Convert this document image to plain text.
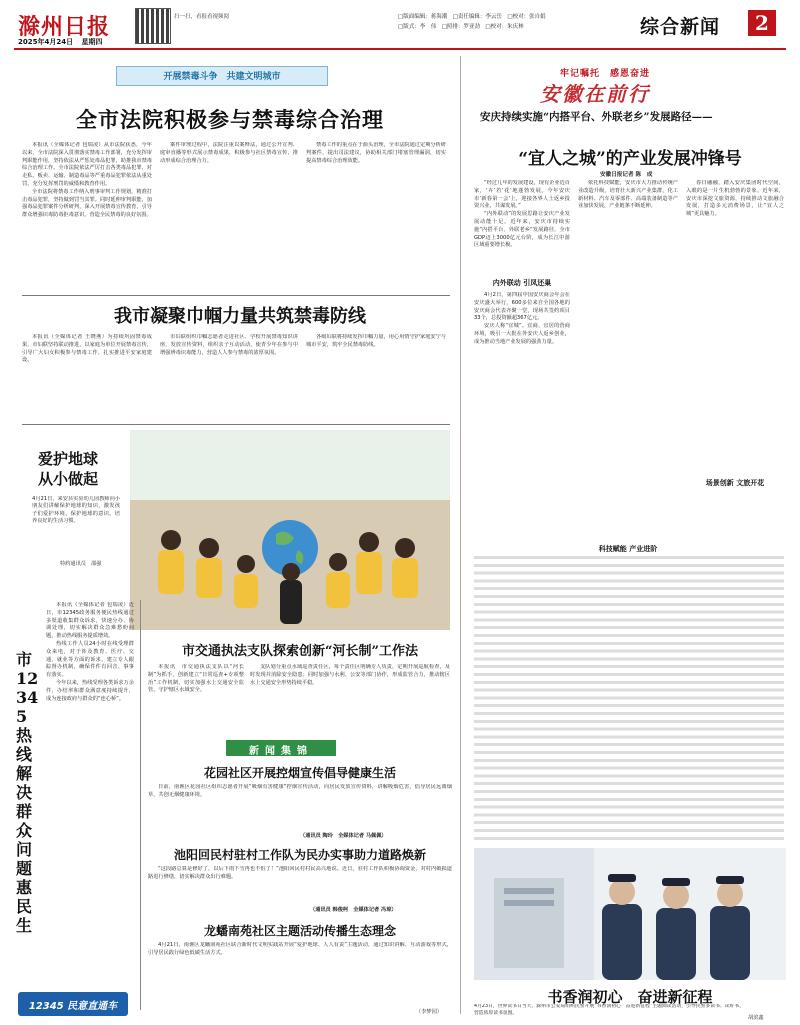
滁州日报
2025年4月24日 星期四
扫一扫，看报看视频阅	□版面编辑：蒋海潮　□责任编辑：李云岳　□校对：张自娟
□版式：李　伟　□照排：罗亚劲　□校对：朱庆林	综合新闻	2
开展禁毒斗争　共建文明城市
全市法院积极参与禁毒综合治理

本报讯（全媒体记者 包瑞凌）从市法院获悉，今年以来，全市法院深入贯彻落实禁毒工作部署，充分发挥审判职能作用，坚持依法从严惩处毒品犯罪，助推我市禁毒综合治理工作。全市法院依法严厉打击各类毒品犯罪，对走私、贩卖、运输、制造毒品等严重毒品犯罪依法从重处罚，充分发挥刑罚的威慑和教育作用。

全市法院将禁毒工作纳入刑事审判工作规划，精准打击毒品犯罪，坚持做到罚当其罪。同时延伸审判职能，加强毒品犯罪案件分析研判，深入开展禁毒宣传教育，引导群众增强识毒防毒拒毒意识，营造全民禁毒的良好氛围。

案件审理过程中，法院注重以案释法，通过公开宣判、庭审直播等形式展示禁毒成果，积极参与社区禁毒宣传，推动形成综合治理合力。

禁毒工作的重点在于源头治理，全市法院通过定期分析研判案件，提出司法建议，协助相关部门堵塞管理漏洞，切实提高禁毒综合治理效能。

我市凝聚巾帼力量共筑禁毒防线

本报讯（全媒体记者 王晓燕）为持续巩固禁毒成果，市妇联坚持联动推进，以家庭为单位开展禁毒宣传，引导广大妇女积极参与禁毒工作，扎实推进平安家庭建设。

市妇联组织巾帼志愿者走进社区、学校开展禁毒知识讲座，发放宣传资料，组织亲子互动活动，使青少年在参与中增强辨毒识毒能力，营造人人参与禁毒的浓厚氛围。

各级妇联将持续发挥巾帼力量，用心用情守护家庭安宁与城市平安，筑牢全民禁毒防线。

爱护地球
从小做起
4月21日，来安县实验幼儿园教师向小朋友们讲解保护地球的知识，激发孩子们爱护环境、保护地球的意识，培养良好的生活习惯。
特约通讯员　邵强
市12345热线解决群众问题惠民生

本报讯（全媒体记者 包瑞凌）近日，市12345政务服务便民热线通过多渠道收集群众诉求，快速分办、协调处理，切实解决群众急难愁盼问题，推动热线服务提质增效。

热线工作人员24小时在线受理群众来电，对于涉及教育、医疗、交通、就业等方面的诉求，建立专人跟踪督办机制，确保件件有回音、事事有落实。

今年以来，热线受理各类诉求万余件，办结率和群众满意度持续提升，成为连接政府与群众的“连心桥”。

市交通执法支队探索创新“河长制”工作法

本报讯　市交通执法支队以“河长制”为抓手，创新建立“日常巡查+专项整治”工作机制，切实加强水上交通安全监管，守护辖区水域安全。

支队划分重点水域巡查责任区，每个责任区明确专人负责，定期开展巡航检查，及时发现并消除安全隐患；同时加强与水利、公安等部门协作，形成监管合力，推动辖区水上交通安全形势持续平稳。

新闻集锦
花园社区开展控烟宣传倡导健康生活

日前，南谯区花园社区组织志愿者开展“吸烟有害健康”控烟宣传活动，向居民发放宣传资料，讲解吸烟危害，倡导居民远离烟草，共创无烟健康环境。

（通讯员 陶玲　全媒体记者 马佩佩）
池阳回民村驻村工作队为民办实事助力道路焕新

“这段路总算是修好了，以后下雨下雪再也不怕了！”池阳回民村村民高兴地说。近日，驻村工作队积极协调资金，对村内破损道路进行修缮，切实解决群众出行难题。

（通讯员 韩俊柯　全媒体记者 冯琼）
龙蟠南苑社区主题活动传播生态理念

4月21日，南谯区龙蟠南苑社区联合新时代文明实践站开展“爱护地球、人人有责”主题活动，通过知识讲解、互动游戏等形式，引导居民践行绿色低碳生活方式。

（李梦园）
12345 民意直通车
牢记嘱托　感恩奋进
安徽在前行
安庆持续实施“内搭平台、外联老乡”发展路径——
“宜人之城”的产业发展冲锋号
安徽日报记者 陈　成

“经过几年的发展建设，现有企业近百家，‘卉’若‘花’地蓬勃发展。今年安庆市‘新春第一会’上，迎接各界人士返乡投资兴业，共谋发展。”

“内外联动”的发展思路让安庆产业发展动能十足。近年来，安庆市持续实施“内搭平台、外联老乡”发展路径，全市GDP迈上3000亿元台阶，成为长江中游区域重要增长极。

内外联动 引凤还巢

4月2日，第四届中国安庆商会年会在安庆盛大举行，600多位来自全国各地的安庆商会代表齐聚一堂，现场共签约项目33个，总投资额超367亿元。

安庆人称“宜城”。宜商、宜居的营商环境，吸引一大批在外安庆人返乡创业，成为推动当地产业发展的强劲力量。

依托科技赋能，安庆市大力推动传统产业改造升级，培育壮大新兴产业集群，化工新材料、汽车及零部件、高端装备制造等产业加快发展，产业链条不断延伸。

科技赋能 产业进阶

春日融融，踏入安庆集团时代空间，入眼的是一片生机勃勃的景象。近年来，安庆市深挖文旅资源，持续推动文旅融合发展，打造多元消费场景，让“宜人之城”更具魅力。

场景创新 文旅开花
书香润初心　奋进新征程
4月23日，世界读书日当天，滁州市公安局组织民警开展“书香润初心　奋进新征程”主题阅读活动，引导民警多读书、读好书，营造浓厚读书氛围。
胡滨鑫
